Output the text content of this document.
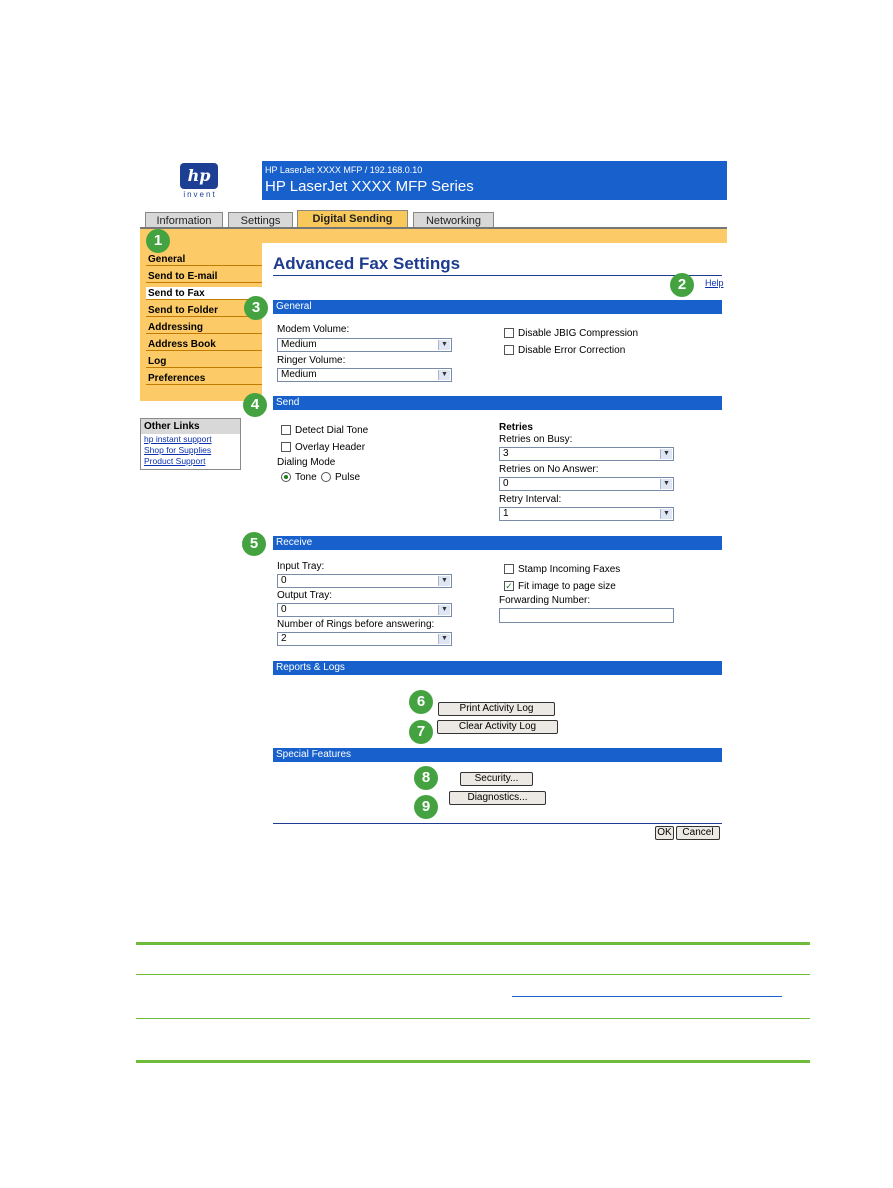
hp
invent
HP LaserJet XXXX MFP / 192.168.0.10
HP LaserJet XXXX MFP Series
Information	Settings	Digital Sending	Networking
General
Send to E-mail
Send to Fax
Send to Folder
Addressing
Address Book
Log
Preferences
Other Links
hp instant support
Shop for Supplies
Product Support
Advanced Fax Settings
Help
General
Modem Volume:
Medium	▼
Ringer Volume:
Medium	▼
Disable JBIG Compression
Disable Error Correction
Send
Detect Dial Tone
Overlay Header
Dialing Mode
Tone Pulse
Retries
Retries on Busy:
3	▼
Retries on No Answer:
0	▼
Retry Interval:
1	▼
Receive
Input Tray:
0	▼
Output Tray:
0	▼
Number of Rings before answering:
2	▼
Stamp Incoming Faxes
✓ Fit image to page size
Forwarding Number:
Reports & Logs
Print Activity Log
Clear Activity Log
Special Features
Security...
Diagnostics...
OK	Cancel
1
2
3
4
5
6
7
8
9
